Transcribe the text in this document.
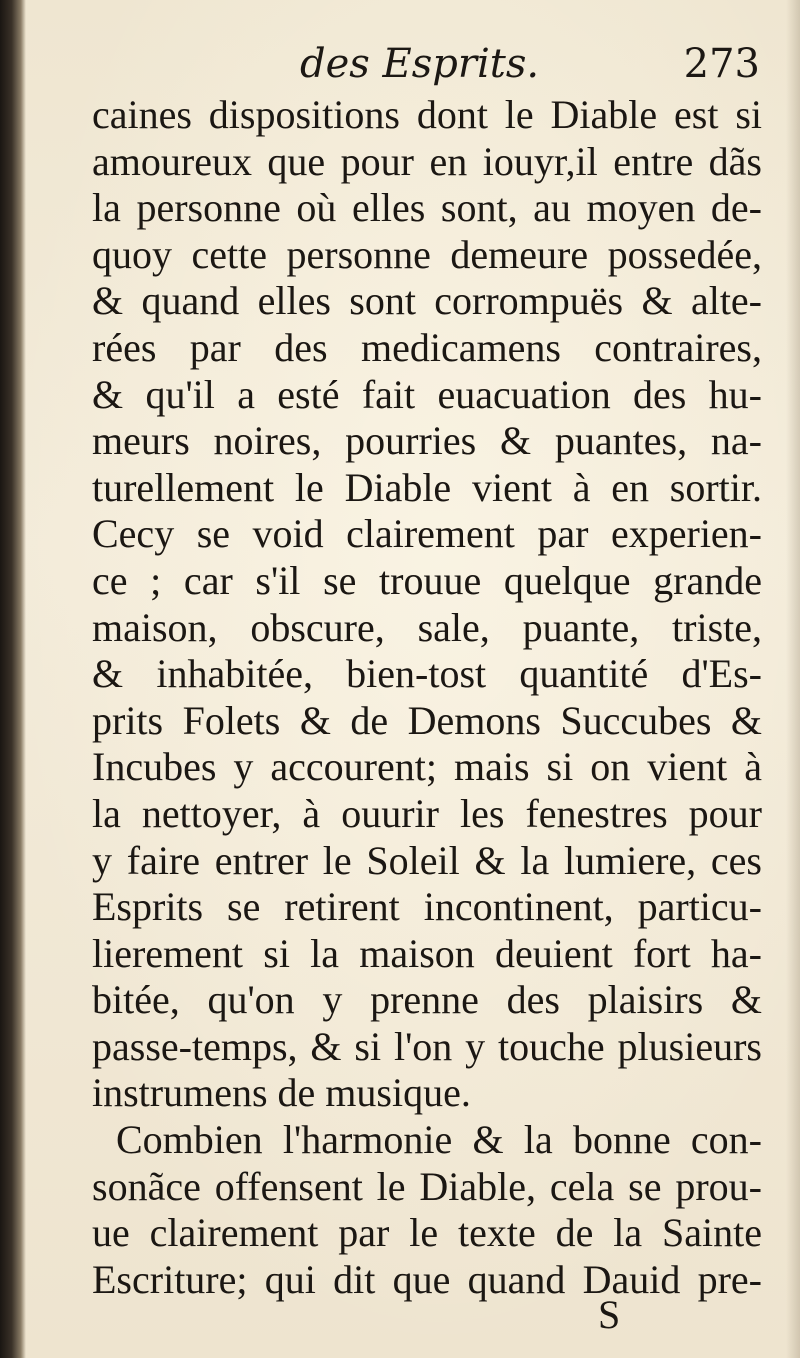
des Esprits.	273
caines dispositions dont le Diable est si
amoureux que pour en iouyr,il entre dãs
la personne où elles sont, au moyen de-
quoy cette personne demeure possedée,
& quand elles sont corrompuës & alte-
rées par des medicamens contraires,
& qu'il a esté fait euacuation des hu-
meurs noires, pourries & puantes, na-
turellement le Diable vient à en sortir.
Cecy se void clairement par experien-
ce ; car s'il se trouue quelque grande
maison, obscure, sale, puante, triste,
& inhabitée, bien-tost quantité d'Es-
prits Folets & de Demons Succubes &
Incubes y accourent; mais si on vient à
la nettoyer, à ouurir les fenestres pour
y faire entrer le Soleil & la lumiere, ces
Esprits se retirent incontinent, particu-
lierement si la maison deuient fort ha-
bitée, qu'on y prenne des plaisirs &
passe-temps, & si l'on y touche plusieurs
instrumens de musique.
Combien l'harmonie & la bonne con-
sonãce offensent le Diable, cela se prou-
ue clairement par le texte de la Sainte
Escriture; qui dit que quand Dauid pre-
S
